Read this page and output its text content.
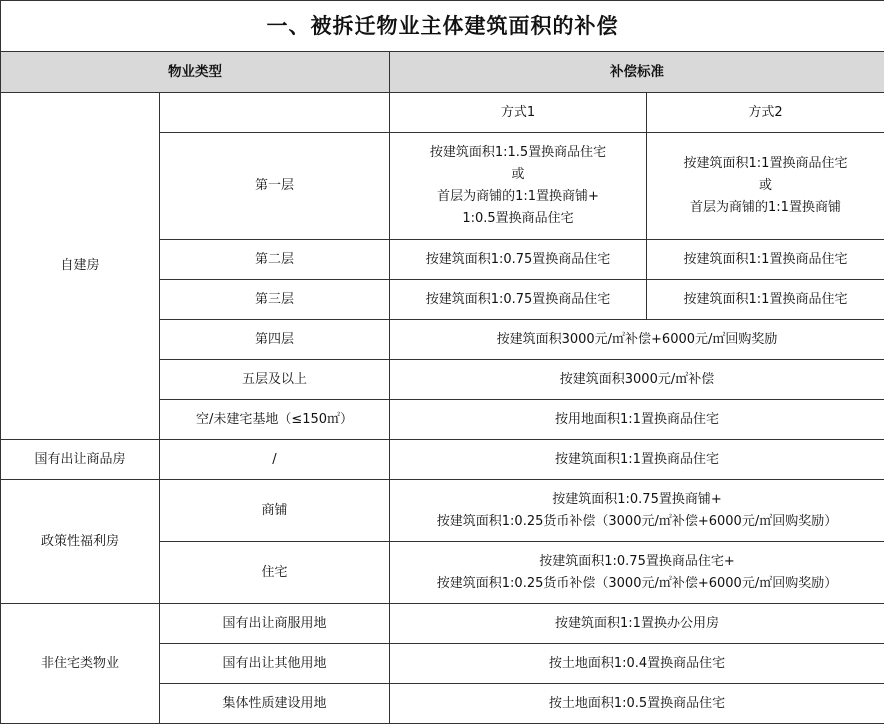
一、被拆迁物业主体建筑面积的补偿			
物业类型		补偿标准	
自建房		方式1	方式2
	第一层	按建筑面积1:1.5置换商品住宅
或
首层为商铺的1:1置换商铺+
1:0.5置换商品住宅	按建筑面积1:1置换商品住宅
或
首层为商铺的1:1置换商铺

	第二层	按建筑面积1:0.75置换商品住宅	按建筑面积1:1置换商品住宅
	第三层	按建筑面积1:0.75置换商品住宅	按建筑面积1:1置换商品住宅
	第四层	按建筑面积3000元/㎡补偿+6000元/㎡回购奖励	
	五层及以上	按建筑面积3000元/㎡补偿	
	空/未建宅基地（≤150㎡）	按用地面积1:1置换商品住宅	
国有出让商品房	/	按建筑面积1:1置换商品住宅	
政策性福利房	商铺	按建筑面积1:0.75置换商铺+
按建筑面积1:0.25货币补偿（3000元/㎡补偿+6000元/㎡回购奖励）	

	住宅	按建筑面积1:0.75置换商品住宅+
按建筑面积1:0.25货币补偿（3000元/㎡补偿+6000元/㎡回购奖励）	

非住宅类物业	国有出让商服用地	按建筑面积1:1置换办公用房	
	国有出让其他用地	按土地面积1:0.4置换商品住宅	
	集体性质建设用地	按土地面积1:0.5置换商品住宅	
